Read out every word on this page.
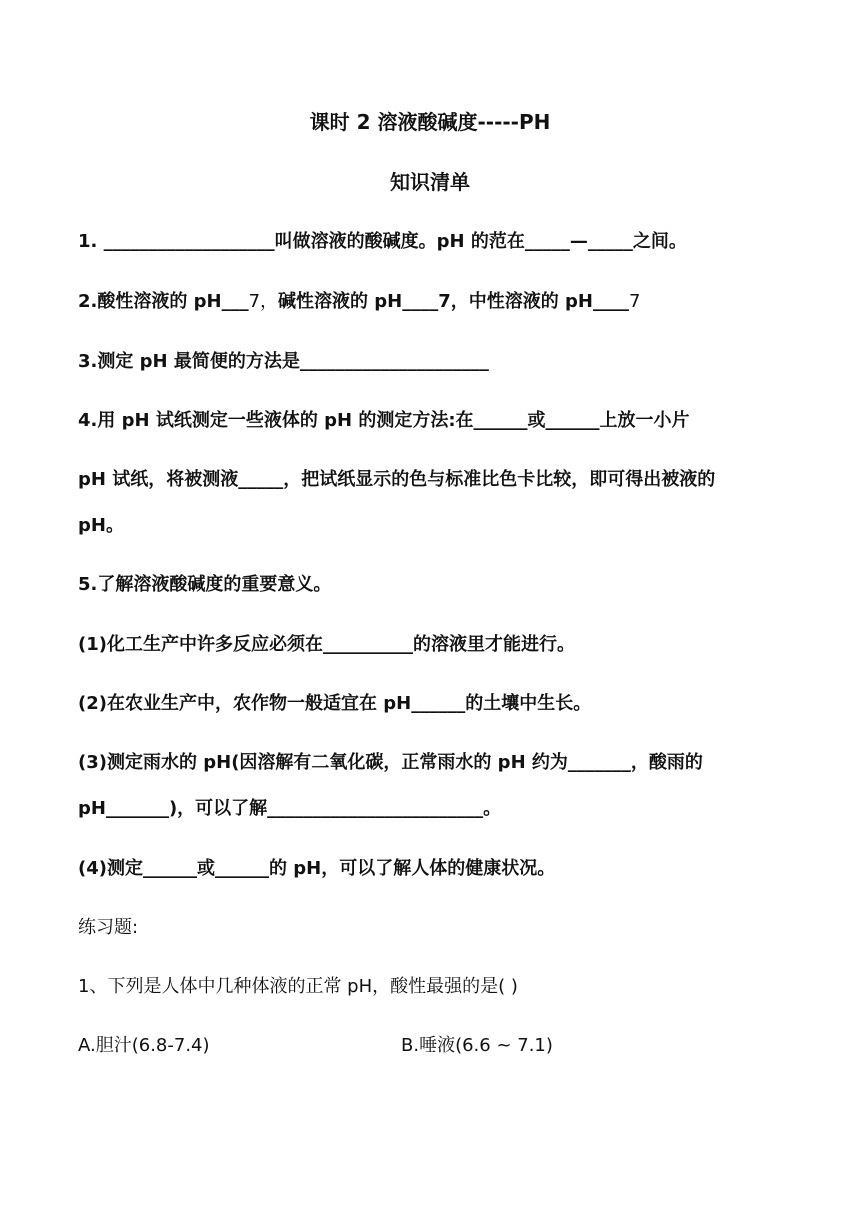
课时 2 溶液酸碱度-----PH
知识清单
1. ___________________叫做溶液的酸碱度。pH 的范在_____—_____之间。
2.酸性溶液的 pH___7，碱性溶液的 pH____7，中性溶液的 pH____7
3.测定 pH 最简便的方法是_____________________
4.用 pH 试纸测定一些液体的 pH 的测定方法:在______或______上放一小片
pH 试纸，将被测液_____，把试纸显示的色与标准比色卡比较，即可得出被液的
pH。
5.了解溶液酸碱度的重要意义。
(1)化工生产中许多反应必须在__________的溶液里才能进行。
(2)在农业生产中，农作物一般适宜在 pH______的土壤中生长。
(3)测定雨水的 pH(因溶解有二氧化碳，正常雨水的 pH 约为_______，酸雨的
pH_______)，可以了解________________________。
(4)测定______或______的 pH，可以了解人体的健康状况。
练习题:
1、下列是人体中几种体液的正常 pH，酸性最强的是( )
A.胆汁(6.8-7.4)	B.唾液(6.6 ~ 7.1)
